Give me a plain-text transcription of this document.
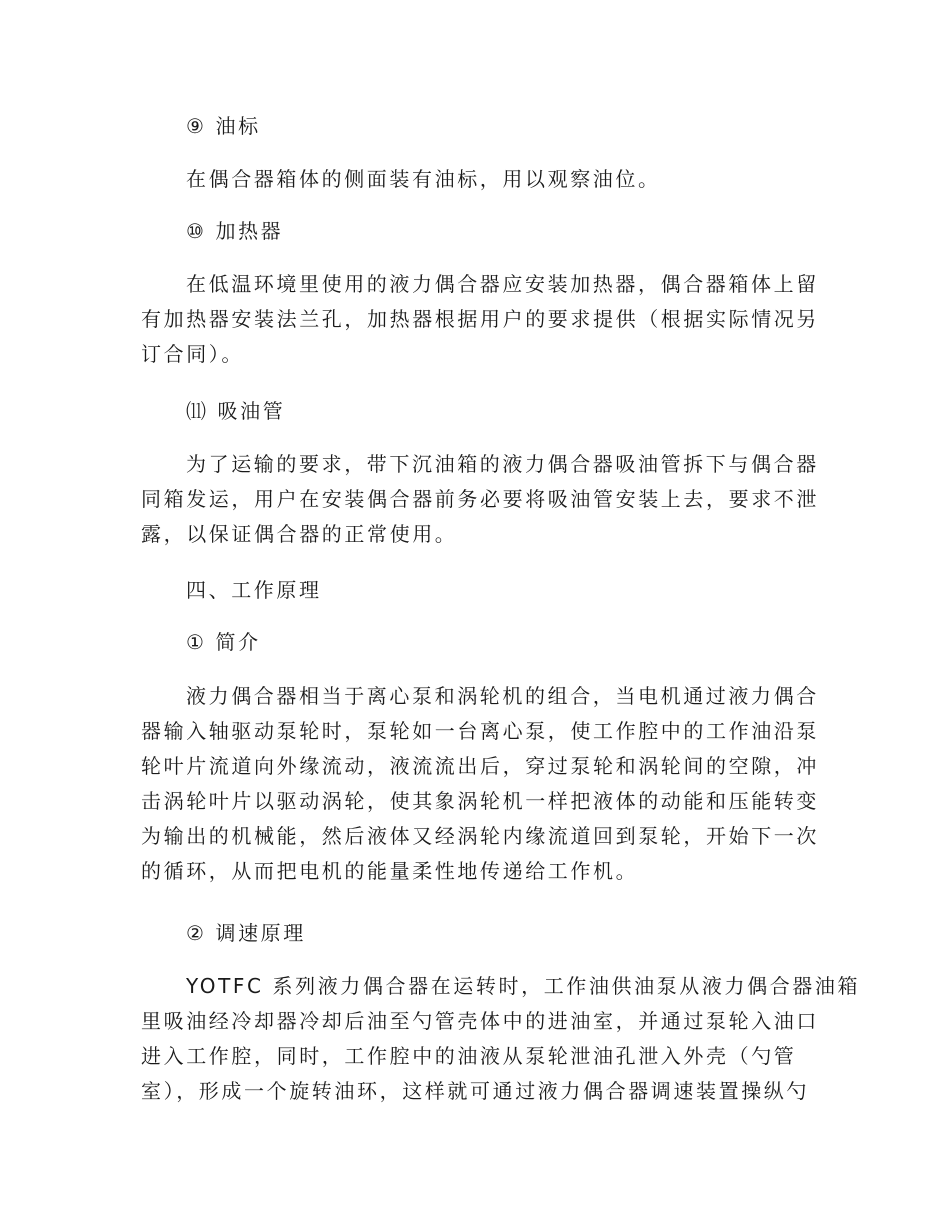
⑨ 油标
在偶合器箱体的侧面装有油标，用以观察油位。
⑩ 加热器
在低温环境里使用的液力偶合器应安装加热器，偶合器箱体上留
有加热器安装法兰孔，加热器根据用户的要求提供（根据实际情况另
订合同）。
⑾ 吸油管
为了运输的要求，带下沉油箱的液力偶合器吸油管拆下与偶合器
同箱发运，用户在安装偶合器前务必要将吸油管安装上去，要求不泄
露，以保证偶合器的正常使用。
四、工作原理
① 简介
液力偶合器相当于离心泵和涡轮机的组合，当电机通过液力偶合
器输入轴驱动泵轮时，泵轮如一台离心泵，使工作腔中的工作油沿泵
轮叶片流道向外缘流动，液流流出后，穿过泵轮和涡轮间的空隙，冲
击涡轮叶片以驱动涡轮，使其象涡轮机一样把液体的动能和压能转变
为输出的机械能，然后液体又经涡轮内缘流道回到泵轮，开始下一次
的循环，从而把电机的能量柔性地传递给工作机。
② 调速原理
YOTFC 系列液力偶合器在运转时，工作油供油泵从液力偶合器油箱
里吸油经冷却器冷却后油至勺管壳体中的进油室，并通过泵轮入油口
进入工作腔，同时，工作腔中的油液从泵轮泄油孔泄入外壳（勺管
室），形成一个旋转油环，这样就可通过液力偶合器调速装置操纵勺
